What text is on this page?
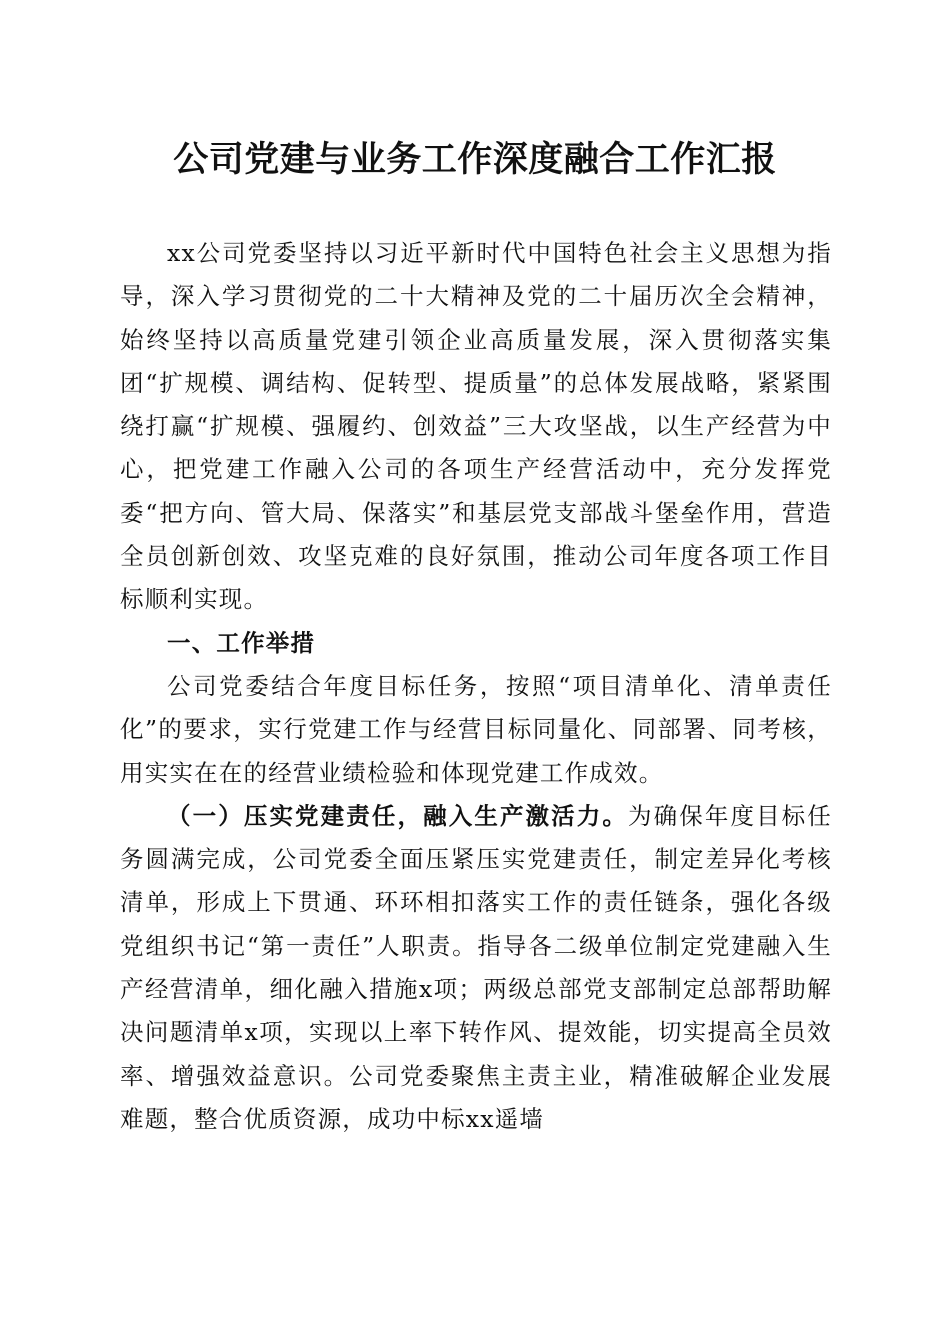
公司党建与业务工作深度融合工作汇报

xx公司党委坚持以习近平新时代中国特色社会主义思想为指导，深入学习贯彻党的二十大精神及党的二十届历次全会精神，始终坚持以高质量党建引领企业高质量发展，深入贯彻落实集团“扩规模、调结构、促转型、提质量”的总体发展战略，紧紧围绕打赢“扩规模、强履约、创效益”三大攻坚战，以生产经营为中心，把党建工作融入公司的各项生产经营活动中，充分发挥党委“把方向、管大局、保落实”和基层党支部战斗堡垒作用，营造全员创新创效、攻坚克难的良好氛围，推动公司年度各项工作目标顺利实现。

一、工作举措

公司党委结合年度目标任务，按照“项目清单化、清单责任化”的要求，实行党建工作与经营目标同量化、同部署、同考核，用实实在在的经营业绩检验和体现党建工作成效。

（一）压实党建责任，融入生产激活力。为确保年度目标任务圆满完成，公司党委全面压紧压实党建责任，制定差异化考核清单，形成上下贯通、环环相扣落实工作的责任链条，强化各级党组织书记“第一责任”人职责。指导各二级单位制定党建融入生产经营清单，细化融入措施x项；两级总部党支部制定总部帮助解决问题清单x项，实现以上率下转作风、提效能，切实提高全员效率、增强效益意识。公司党委聚焦主责主业，精准破解企业发展难题，整合优质资源，成功中标xx遥墙
